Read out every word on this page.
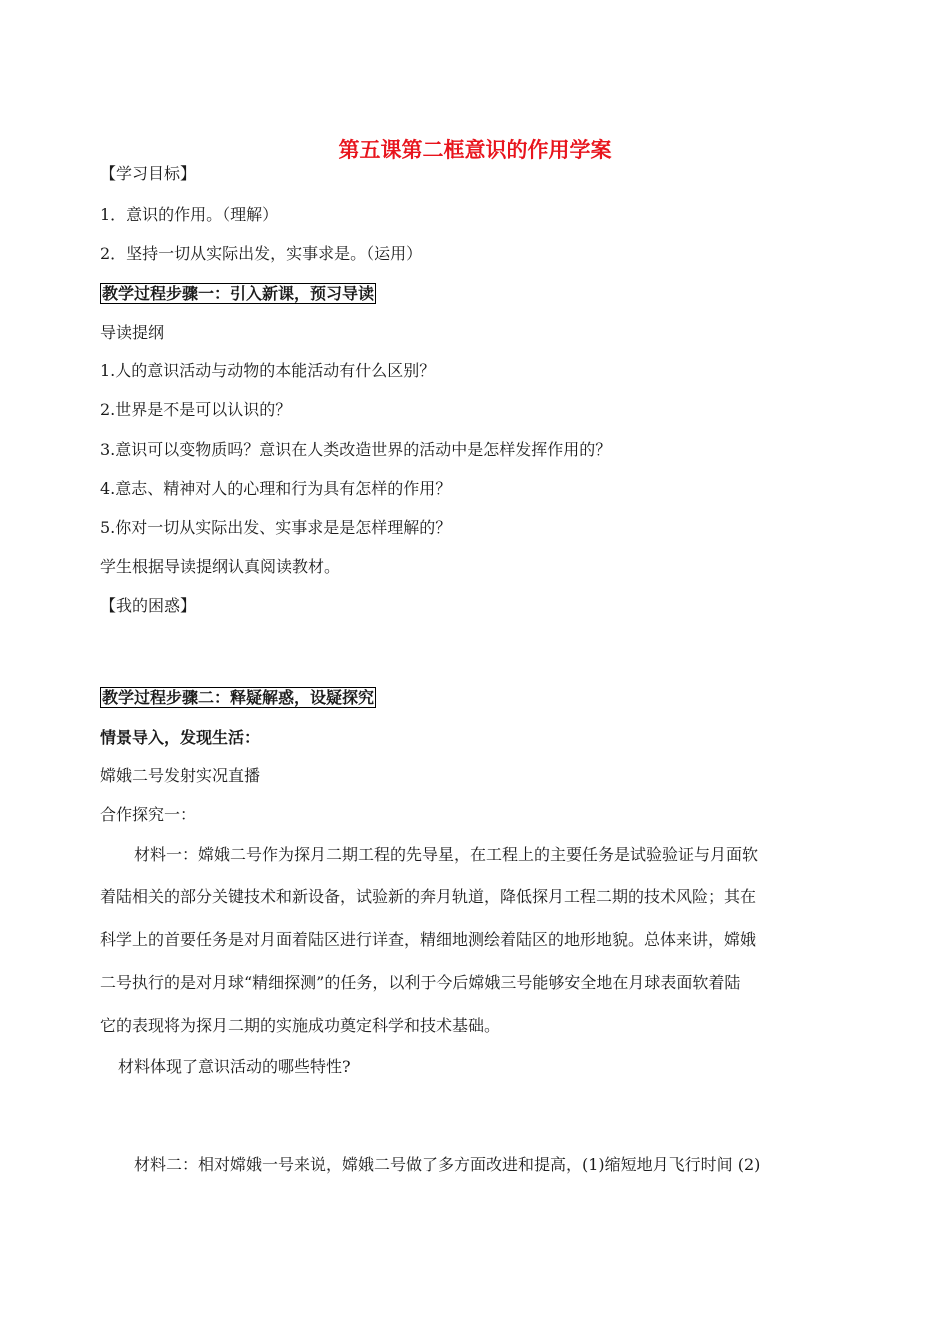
第五课第二框意识的作用学案
【学习目标】
1．意识的作用。（理解）
2．坚持一切从实际出发，实事求是。（运用）
教学过程步骤一：引入新课，预习导读
导读提纲
1.人的意识活动与动物的本能活动有什么区别？
2.世界是不是可以认识的？
3.意识可以变物质吗？意识在人类改造世界的活动中是怎样发挥作用的？
4.意志、精神对人的心理和行为具有怎样的作用？
5.你对一切从实际出发、实事求是是怎样理解的？
学生根据导读提纲认真阅读教材。
【我的困惑】
教学过程步骤二：释疑解惑，设疑探究
情景导入，发现生活：
嫦娥二号发射实况直播
合作探究一：
材料一：嫦娥二号作为探月二期工程的先导星，在工程上的主要任务是试验验证与月面软
着陆相关的部分关键技术和新设备，试验新的奔月轨道，降低探月工程二期的技术风险；其在
科学上的首要任务是对月面着陆区进行详查，精细地测绘着陆区的地形地貌。总体来讲，嫦娥
二号执行的是对月球“精细探测”的任务，以利于今后嫦娥三号能够安全地在月球表面软着陆
它的表现将为探月二期的实施成功奠定科学和技术基础。
材料体现了意识活动的哪些特性?
材料二：相对嫦娥一号来说，嫦娥二号做了多方面改进和提高，(1)缩短地月飞行时间 (2)
